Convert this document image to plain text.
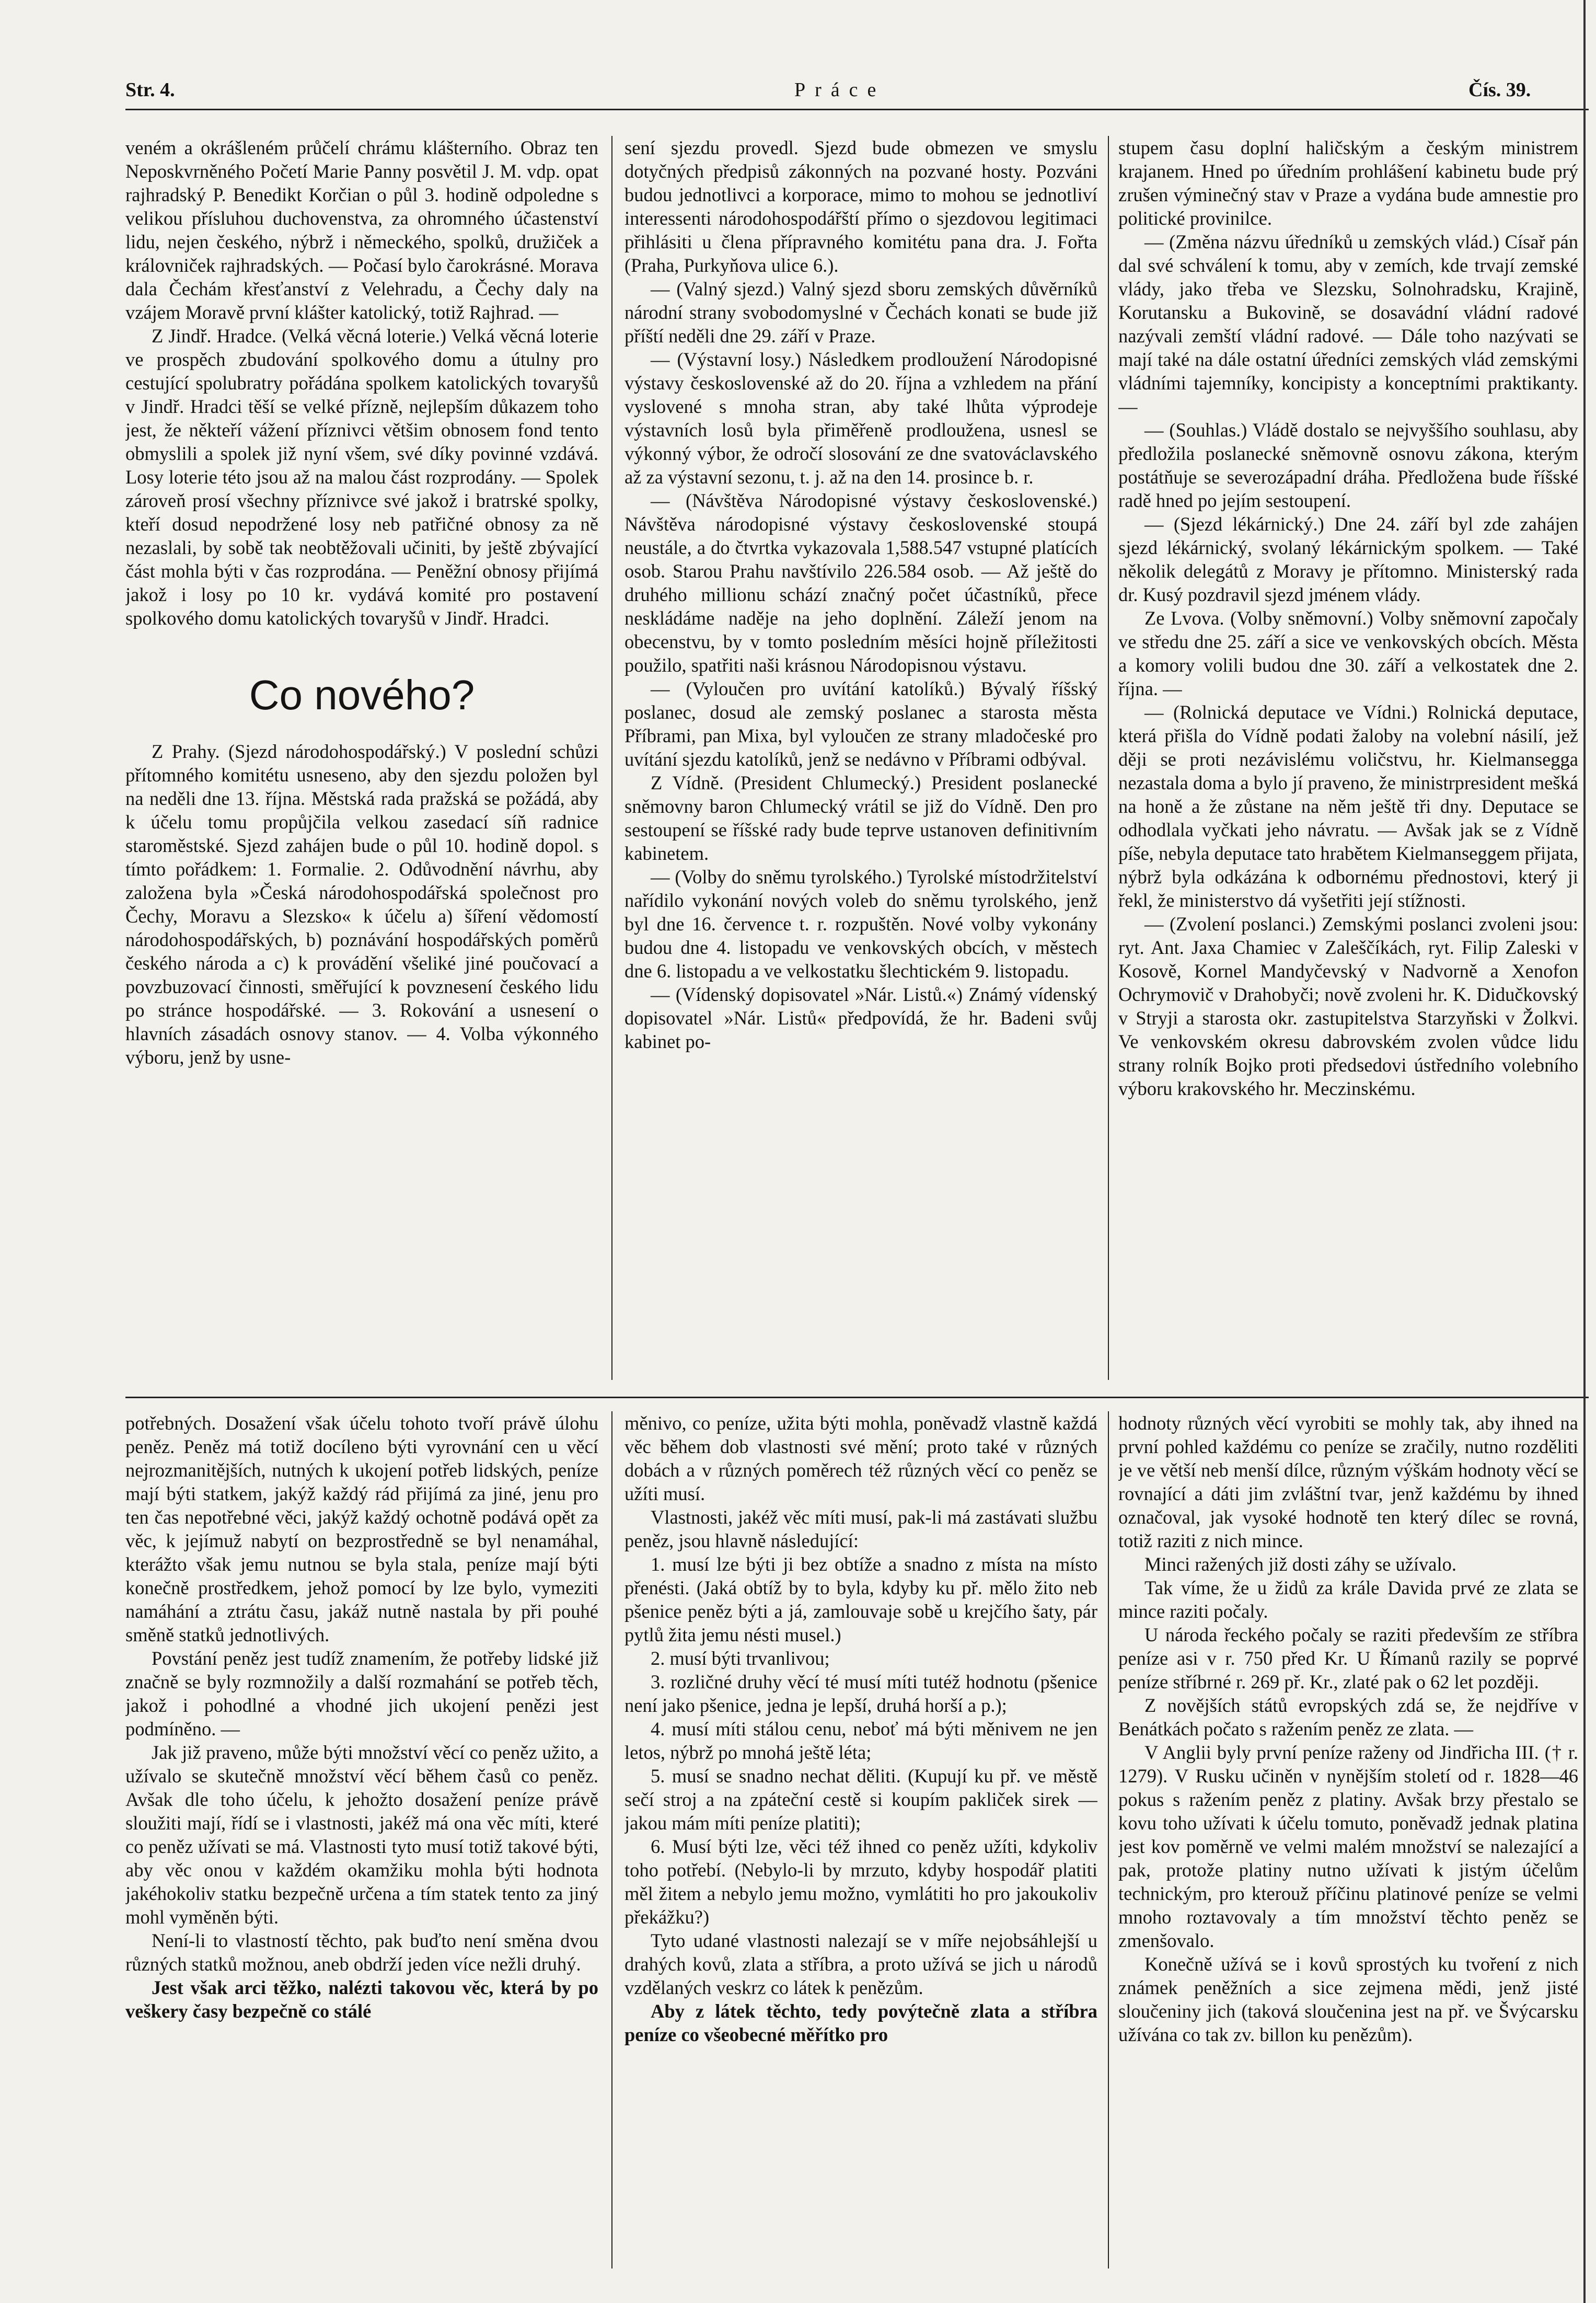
Str. 4.	Práce	Čís. 39.

veném a okrášleném průčelí chrámu klášterního. Obraz ten Neposkvrněného Početí Marie Panny posvětil J. M. vdp. opat rajhradský P. Benedikt Korčian o půl 3. hodině odpoledne s velikou přísluhou duchovenstva, za ohromného účastenství lidu, nejen českého, nýbrž i německého, spolků, družiček a královniček rajhradských. — Počasí bylo čarokrásné. Morava dala Čechám křesťanství z Velehradu, a Čechy daly na vzájem Moravě první klášter katolický, totiž Rajhrad. —

Z Jindř. Hradce. (Velká věcná loterie.) Velká věcná loterie ve prospěch zbudování spolkového domu a útulny pro cestující spolubratry pořádána spolkem katolických tovaryšů v Jindř. Hradci těší se velké přízně, nejlepším důkazem toho jest, že někteří vážení příznivci většim obnosem fond tento obmyslili a spolek již nyní všem, své díky povinné vzdává. Losy loterie této jsou až na malou část rozprodány. — Spolek zároveň prosí všechny příznivce své jakož i bratrské spolky, kteří dosud nepodržené losy neb patřičné obnosy za ně nezaslali, by sobě tak neobtěžovali učiniti, by ještě zbývající část mohla býti v čas rozprodána. — Peněžní obnosy přijímá jakož i losy po 10 kr. vydává komité pro postavení spolkového domu katolických tovaryšů v Jindř. Hradci.

Co nového?

Z Prahy. (Sjezd národohospodářský.) V poslední schůzi přítomného komitétu usneseno, aby den sjezdu položen byl na neděli dne 13. října. Městská rada pražská se požádá, aby k účelu tomu propůjčila velkou zasedací síň radnice staroměstské. Sjezd zahájen bude o půl 10. hodině dopol. s tímto pořádkem: 1. Formalie. 2. Odůvodnění návrhu, aby založena byla »Česká národohospodářská společnost pro Čechy, Moravu a Slezsko« k účelu a) šíření vědomostí národohospodářských, b) poznávání hospodářských poměrů českého národa a c) k provádění všeliké jiné poučovací a povzbuzovací činnosti, směřující k povznesení českého lidu po stránce hospodářské. — 3. Rokování a usnesení o hlavních zásadách osnovy stanov. — 4. Volba výkonného výboru, jenž by usne-

sení sjezdu provedl. Sjezd bude obmezen ve smyslu dotyčných předpisů zákonných na pozvané hosty. Pozváni budou jednotlivci a korporace, mimo to mohou se jednotliví interessenti národohospodářští přímo o sjezdovou legitimaci přihlásiti u člena přípravného komitétu pana dra. J. Fořta (Praha, Purkyňova ulice 6.).

— (Valný sjezd.) Valný sjezd sboru zemských důvěrníků národní strany svobodomyslné v Čechách konati se bude již příští neděli dne 29. září v Praze.

— (Výstavní losy.) Následkem prodloužení Národopisné výstavy československé až do 20. října a vzhledem na přání vyslovené s mnoha stran, aby také lhůta výprodeje výstavních losů byla přiměřeně prodloužena, usnesl se výkonný výbor, že odročí slosování ze dne svatováclavského až za výstavní sezonu, t. j. až na den 14. prosince b. r.

— (Návštěva Národopisné výstavy československé.) Návštěva národopisné výstavy československé stoupá neustále, a do čtvrtka vykazovala 1,588.547 vstupné platících osob. Starou Prahu navštívilo 226.584 osob. — Až ještě do druhého millionu schází značný počet účastníků, přece neskládáme naděje na jeho doplnění. Záleží jenom na obecenstvu, by v tomto posledním měsíci hojně příležitosti použilo, spatřiti naši krásnou Národopisnou výstavu.

— (Vyloučen pro uvítání katolíků.) Bývalý říšský poslanec, dosud ale zemský poslanec a starosta města Příbrami, pan Mixa, byl vyloučen ze strany mladočeské pro uvítání sjezdu katolíků, jenž se nedávno v Příbrami odbýval.

Z Vídně. (President Chlumecký.) President poslanecké sněmovny baron Chlumecký vrátil se již do Vídně. Den pro sestoupení se říšské rady bude teprve ustanoven definitivním kabinetem.

— (Volby do sněmu tyrolského.) Tyrolské místodržitelství nařídilo vykonání nových voleb do sněmu tyrolského, jenž byl dne 16. července t. r. rozpuštěn. Nové volby vykonány budou dne 4. listopadu ve venkovských obcích, v městech dne 6. listopadu a ve velkostatku šlechtickém 9. listopadu.

— (Vídenský dopisovatel »Nár. Listů.«) Známý vídenský dopisovatel »Nár. Listů« předpovídá, že hr. Badeni svůj kabinet po-

stupem času doplní haličským a českým ministrem krajanem. Hned po úředním prohlášení kabinetu bude prý zrušen výminečný stav v Praze a vydána bude amnestie pro politické provinilce.

— (Změna názvu úředníků u zemských vlád.) Císař pán dal své schválení k tomu, aby v zemích, kde trvají zemské vlády, jako třeba ve Slezsku, Solnohradsku, Krajině, Korutansku a Bukovině, se dosavádní vládní radové nazývali zemští vládní radové. — Dále toho nazývati se mají také na dále ostatní úředníci zemských vlád zemskými vládními tajemníky, koncipisty a konceptními praktikanty. —

— (Souhlas.) Vládě dostalo se nejvyššího souhlasu, aby předložila poslanecké sněmovně osnovu zákona, kterým postátňuje se severozápadní dráha. Předložena bude říšské radě hned po jejím sestoupení.

— (Sjezd lékárnický.) Dne 24. září byl zde zahájen sjezd lékárnický, svolaný lékárnickým spolkem. — Také několik delegátů z Moravy je přítomno. Ministerský rada dr. Kusý pozdravil sjezd jménem vlády.

Ze Lvova. (Volby sněmovní.) Volby sněmovní započaly ve středu dne 25. září a sice ve venkovských obcích. Města a komory volili budou dne 30. září a velkostatek dne 2. října. —

— (Rolnická deputace ve Vídni.) Rolnická deputace, která přišla do Vídně podati žaloby na volební násilí, jež ději se proti nezávislému voličstvu, hr. Kielmansegga nezastala doma a bylo jí praveno, že ministrpresident mešká na honě a že zůstane na něm ještě tři dny. Deputace se odhodlala vyčkati jeho návratu. — Avšak jak se z Vídně píše, nebyla deputace tato hrabětem Kielmanseggem přijata, nýbrž byla odkázána k odbornému přednostovi, který ji řekl, že ministerstvo dá vyšetřiti její stížnosti.

— (Zvolení poslanci.) Zemskými poslanci zvoleni jsou: ryt. Ant. Jaxa Chamiec v Zaleščíkách, ryt. Filip Zaleski v Kosově, Kornel Mandyčevský v Nadvorně a Xenofon Ochrymovič v Drahobyči; nově zvoleni hr. K. Didučkovský v Stryji a starosta okr. zastupitelstva Starzyňski v Žolkvi. Ve venkovském okresu dabrovském zvolen vůdce lidu strany rolník Bojko proti předsedovi ústředního volebního výboru krakovského hr. Meczinskému.

potřebných. Dosažení však účelu tohoto tvoří právě úlohu peněz. Peněz má totiž docíleno býti vyrovnání cen u věcí nejrozmanitějších, nutných k ukojení potřeb lidských, peníze mají býti statkem, jakýž každý rád přijímá za jiné, jenu pro ten čas nepotřebné věci, jakýž každý ochotně podává opět za věc, k jejímuž nabytí on bezprostředně se byl nenamáhal, kterážto však jemu nutnou se byla stala, peníze mají býti konečně prostředkem, jehož pomocí by lze bylo, vymeziti namáhání a ztrátu času, jakáž nutně nastala by při pouhé směně statků jednotlivých.

Povstání peněz jest tudíž znamením, že potřeby lidské již značně se byly rozmnožily a další rozmahání se potřeb těch, jakož i pohodlné a vhodné jich ukojení penězi jest podmíněno. —

Jak již praveno, může býti množství věcí co peněz užito, a užívalo se skutečně množství věcí během časů co peněz. Avšak dle toho účelu, k jehožto dosažení peníze právě sloužiti mají, řídí se i vlastnosti, jakéž má ona věc míti, které co peněz užívati se má. Vlastnosti tyto musí totiž takové býti, aby věc onou v každém okamžiku mohla býti hodnota jakéhokoliv statku bezpečně určena a tím statek tento za jiný mohl vyměněn býti.

Není-li to vlastností těchto, pak buďto není směna dvou různých statků možnou, aneb obdrží jeden více nežli druhý.

Jest však arci těžko, nalézti takovou věc, která by po veškery časy bezpečně co stálé

měnivo, co peníze, užita býti mohla, poněvadž vlastně každá věc během dob vlastnosti své mění; proto také v různých dobách a v různých poměrech též různých věcí co peněz se užíti musí.

Vlastnosti, jakéž věc míti musí, pak-li má zastávati službu peněz, jsou hlavně následující:

1. musí lze býti ji bez obtíže a snadno z místa na místo přenésti. (Jaká obtíž by to byla, kdyby ku př. mělo žito neb pšenice peněz býti a já, zamlouvaje sobě u krejčího šaty, pár pytlů žita jemu nésti musel.)

2. musí býti trvanlivou;

3. rozličné druhy věcí té musí míti tutéž hodnotu (pšenice není jako pšenice, jedna je lepší, druhá horší a p.);

4. musí míti stálou cenu, neboť má býti měnivem ne jen letos, nýbrž po mnohá ještě léta;

5. musí se snadno nechat děliti. (Kupují ku př. ve městě sečí stroj a na zpáteční cestě si koupím pakliček sirek — jakou mám míti peníze platiti);

6. Musí býti lze, věci též ihned co peněz užíti, kdykoliv toho potřebí. (Nebylo-li by mrzuto, kdyby hospodář platiti měl žitem a nebylo jemu možno, vymlátiti ho pro jakoukoliv překážku?)

Tyto udané vlastnosti nalezají se v míře nejobsáhlejší u drahých kovů, zlata a stříbra, a proto užívá se jich u národů vzdělaných veskrz co látek k penězům.

Aby z látek těchto, tedy povýtečně zlata a stříbra peníze co všeobecné měřítko pro

hodnoty různých věcí vyrobiti se mohly tak, aby ihned na první pohled každému co peníze se zračily, nutno rozděliti je ve větší neb menší dílce, různým výškám hodnoty věcí se rovnající a dáti jim zvláštní tvar, jenž každému by ihned označoval, jak vysoké hodnotě ten který dílec se rovná, totiž raziti z nich mince.

Minci ražených již dosti záhy se užívalo.

Tak víme, že u židů za krále Davida prvé ze zlata se mince raziti počaly.

U národa řeckého počaly se raziti především ze stříbra peníze asi v r. 750 před Kr. U Římanů razily se poprvé peníze stříbrné r. 269 př. Kr., zlaté pak o 62 let později.

Z novějších států evropských zdá se, že nejdříve v Benátkách počato s ražením peněz ze zlata. —

V Anglii byly první peníze raženy od Jindřicha III. († r. 1279). V Rusku učiněn v nynějším století od r. 1828—46 pokus s ražením peněz z platiny. Avšak brzy přestalo se kovu toho užívati k účelu tomuto, poněvadž jednak platina jest kov poměrně ve velmi malém množství se nalezající a pak, protože platiny nutno užívati k jistým účelům technickým, pro kterouž příčinu platinové peníze se velmi mnoho roztavovaly a tím množství těchto peněz se zmenšovalo.

Konečně užívá se i kovů sprostých ku tvoření z nich známek peněžních a sice zejmena mědi, jenž jisté sloučeniny jich (taková sloučenina jest na př. ve Švýcarsku užívána co tak zv. billon ku penězům).
